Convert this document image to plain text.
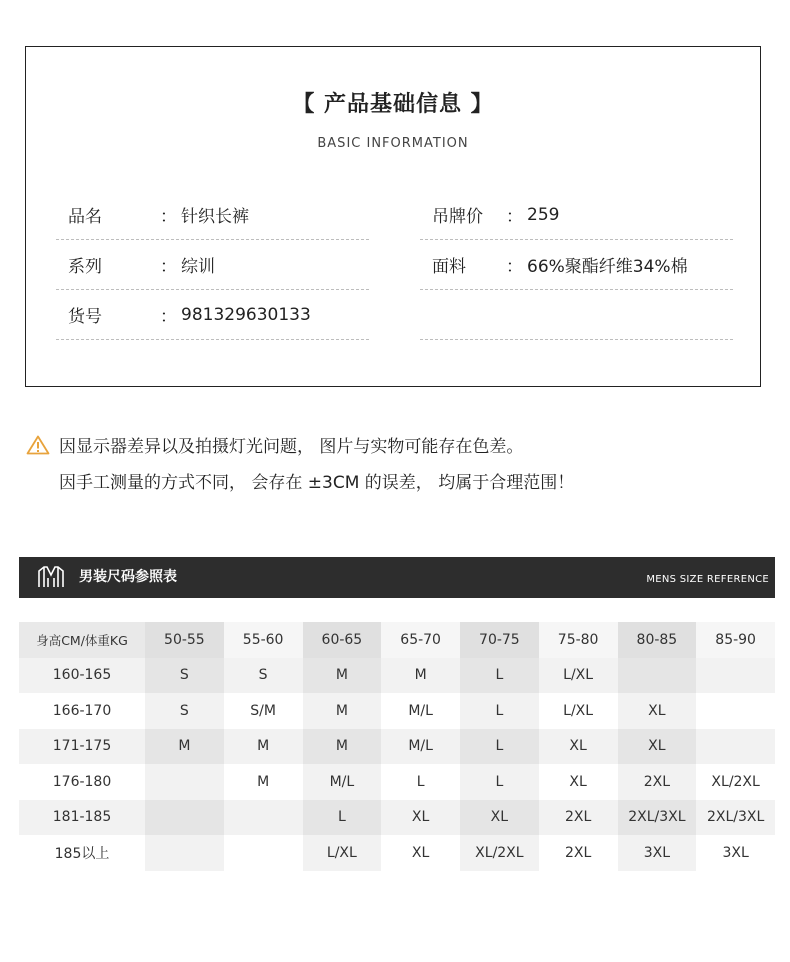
【 产品基础信息 】
BASIC INFORMATION
品名	： 针织长裤
系列	： 综训
货号	： 981329630133
吊牌价	： 259
面料	： 66%聚酯纤维34%棉
因显示器差异以及拍摄灯光问题， 图片与实物可能存在色差。
因手工测量的方式不同， 会存在 ±3CM 的误差， 均属于合理范围！
男装尺码参照表	MENS SIZE REFERENCE
身高CM/体重KG	50-55	55-60	60-65	65-70	70-75	75-80	80-85	85-90
160-165	S	S	M	M	L	L/XL		
166-170	S	S/M	M	M/L	L	L/XL	XL	
171-175	M	M	M	M/L	L	XL	XL	
176-180		M	M/L	L	L	XL	2XL	XL/2XL
181-185			L	XL	XL	2XL	2XL/3XL	2XL/3XL
185以上			L/XL	XL	XL/2XL	2XL	3XL	3XL
